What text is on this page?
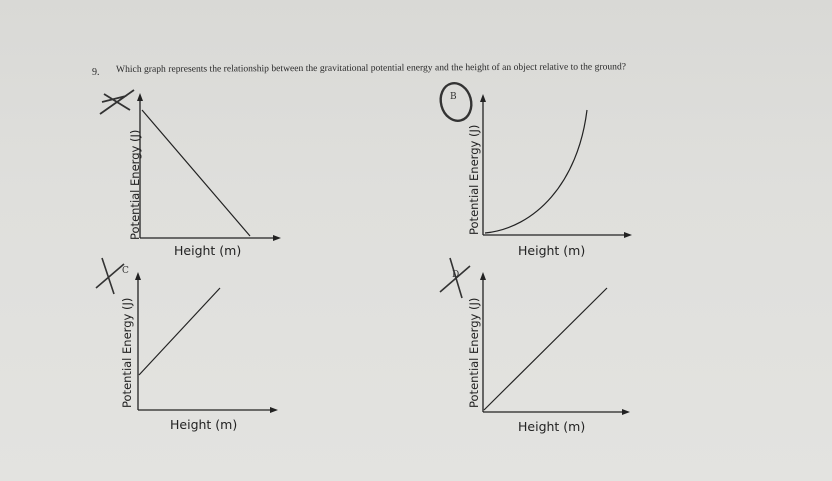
9. Which graph represents the relationship between the gravitational potential energy and the height of an object relative to the ground?
Potential Energy (J)
Height (m)
B
Potential Energy (J)
Height (m)
C
Potential Energy (J)
Height (m)
D
Potential Energy (J)
Height (m)
